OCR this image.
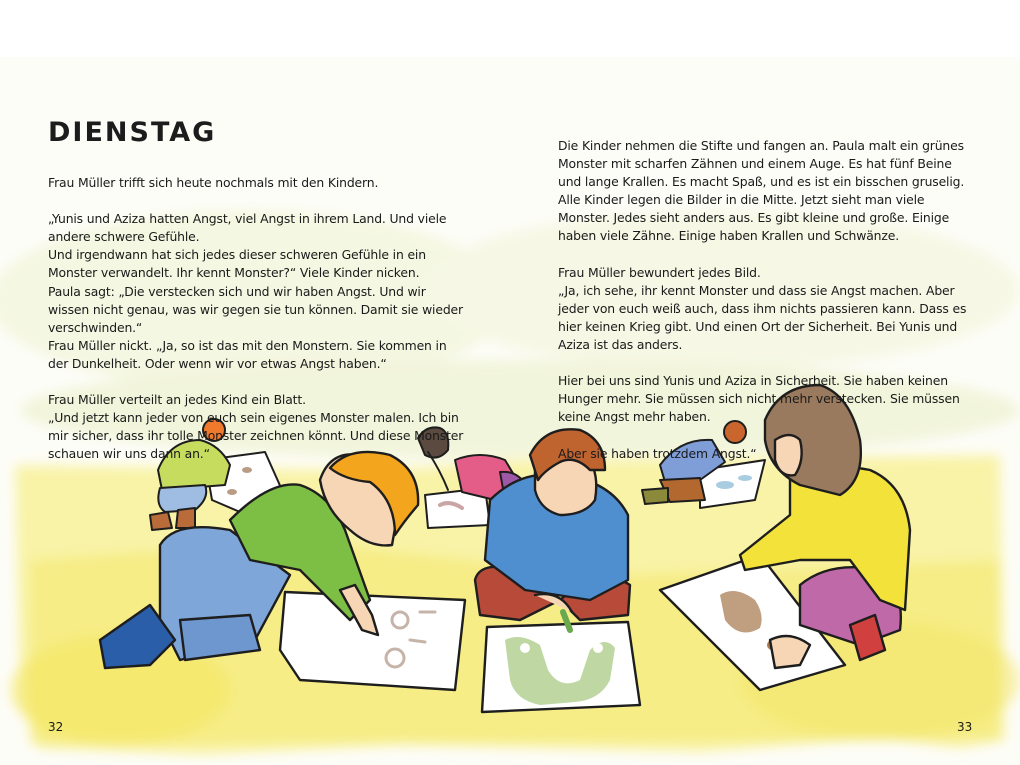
DIENSTAG
Frau Müller trifft sich heute nochmals mit den Kindern.
„Yunis und Aziza hatten Angst, viel Angst in ihrem Land. Und viele
andere schwere Gefühle.
Und irgendwann hat sich jedes dieser schweren Gefühle in ein
Monster verwandelt. Ihr kennt Monster?“ Viele Kinder nicken.
Paula sagt: „Die verstecken sich und wir haben Angst. Und wir
wissen nicht genau, was wir gegen sie tun können. Damit sie wieder
verschwinden.“
Frau Müller nickt. „Ja, so ist das mit den Monstern. Sie kommen in
der Dunkelheit. Oder wenn wir vor etwas Angst haben.“
Frau Müller verteilt an jedes Kind ein Blatt.
„Und jetzt kann jeder von euch sein eigenes Monster malen. Ich bin
mir sicher, dass ihr tolle Monster zeichnen könnt. Und diese Monster
schauen wir uns dann an.“
Die Kinder nehmen die Stifte und fangen an. Paula malt ein grünes
Monster mit scharfen Zähnen und einem Auge. Es hat fünf Beine
und lange Krallen. Es macht Spaß, und es ist ein bisschen gruselig.
Alle Kinder legen die Bilder in die Mitte. Jetzt sieht man viele
Monster. Jedes sieht anders aus. Es gibt kleine und große. Einige
haben viele Zähne. Einige haben Krallen und Schwänze.
Frau Müller bewundert jedes Bild.
„Ja, ich sehe, ihr kennt Monster und dass sie Angst machen. Aber
jeder von euch weiß auch, dass ihm nichts passieren kann. Dass es
hier keinen Krieg gibt. Und einen Ort der Sicherheit. Bei Yunis und
Aziza ist das anders.
Hier bei uns sind Yunis und Aziza in Sicherheit. Sie haben keinen
Hunger mehr. Sie müssen sich nicht mehr verstecken. Sie müssen
keine Angst mehr haben.
Aber sie haben trotzdem Angst.“
32	33
